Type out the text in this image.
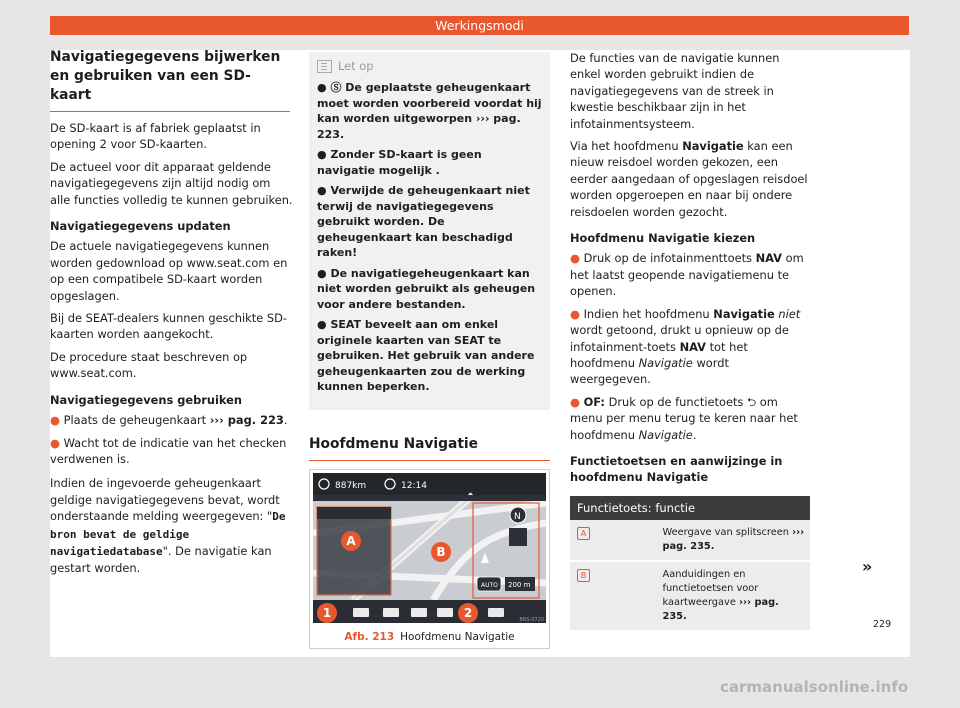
Werkingsmodi
Navigatiegegevens bijwerken en gebruiken van een SD-kaart

De SD-kaart is af fabriek geplaatst in opening 2 voor SD-kaarten.

De actueel voor dit apparaat geldende navigatiegegevens zijn altijd nodig om alle functies volledig te kunnen gebruiken.

Navigatiegegevens updaten

De actuele navigatiegegevens kunnen worden gedownload op www.seat.com en op een compatibele SD-kaart worden opgeslagen.

Bij de SEAT-dealers kunnen geschikte SD-kaarten worden aangekocht.

De procedure staat beschreven op www.seat.com.

Navigatiegegevens gebruiken

● Plaats de geheugenkaart ››› pag. 223.

● Wacht tot de indicatie van het checken verdwenen is.

Indien de ingevoerde geheugenkaart geldige navigatiegegevens bevat, wordt onderstaande melding weergegeven: "De bron bevat de geldige navigatiedatabase". De navigatie kan gestart worden.

Let op

● Ⓢ De geplaatste geheugenkaart moet worden voorbereid voordat hij kan worden uitgeworpen ››› pag. 223.

● Zonder SD-kaart is geen navigatie mogelijk .

● Verwijde de geheugenkaart niet terwij de navigatiegegevens gebruikt worden. De geheugenkaart kan beschadigd raken!

● De navigatiegeheugenkaart kan niet worden gebruikt als geheugen voor andere bestanden.

● SEAT beveelt aan om enkel originele kaarten van SEAT te gebruiken. Het gebruik van andere geheugenkaarten zou de werking kunnen beperken.

Hoofdmenu Navigatie
887km	12:14
N
AUTO 200 m
A
B
1	2	BRS-0720
Afb. 213 Hoofdmenu Navigatie

De functies van de navigatie kunnen enkel worden gebruikt indien de navigatiegegevens van de streek in kwestie beschikbaar zijn in het infotainmentsysteem.

Via het hoofdmenu Navigatie kan een nieuw reisdoel worden gekozen, een eerder aangedaan of opgeslagen reisdoel worden opgeroepen en naar bij ondere reisdoelen worden gezocht.

Hoofdmenu Navigatie kiezen

● Druk op de infotainmenttoets NAV om het laatst geopende navigatiemenu te openen.

● Indien het hoofdmenu Navigatie niet wordt getoond, drukt u opnieuw op de infotainment-toets NAV tot het hoofdmenu Navigatie wordt weergegeven.

● OF: Druk op de functietoets ⮌ om menu per menu terug te keren naar het hoofdmenu Navigatie.

Functietoetsen en aanwijzinge in hoofdmenu Navigatie
Functietoets: functie
A	Weergave van splitscreen ››› pag. 235.
B	Aanduidingen en functietoetsen voor kaartweergave ››› pag. 235.
»
229
carmanualsonline.info
